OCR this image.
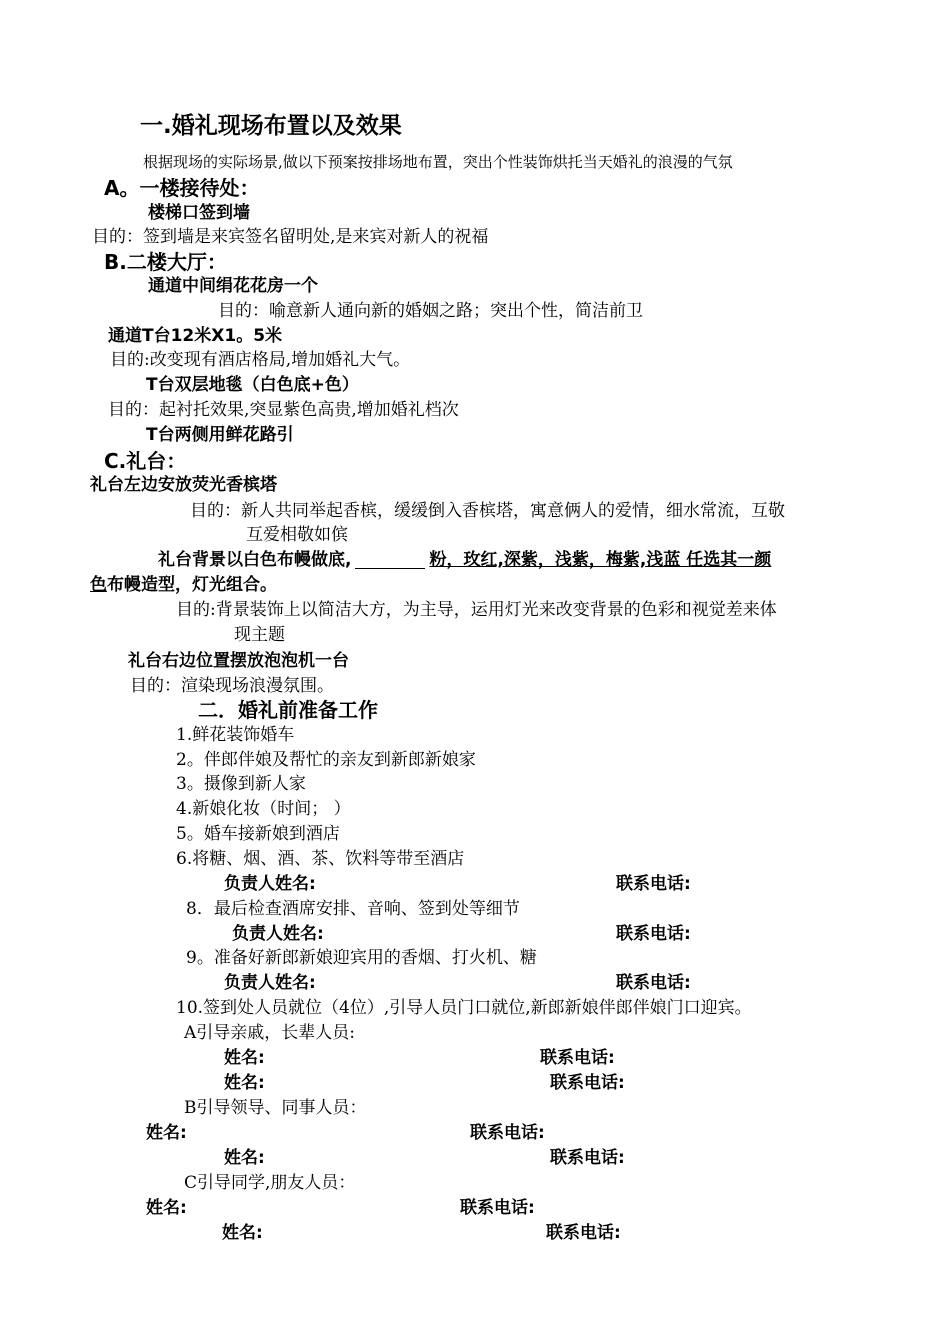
一.婚礼现场布置以及效果
根据现场的实际场景,做以下预案按排场地布置，突出个性装饰烘托当天婚礼的浪漫的气氛
A。一楼接待处：
楼梯口签到墙
目的：签到墙是来宾签名留明处,是来宾对新人的祝福
B.二楼大厅：
通道中间绢花花房一个
目的：喻意新人通向新的婚姻之路；突出个性，简洁前卫
通道T台12米X1。5米
目的:改变现有酒店格局,增加婚礼大气。
T台双层地毯（白色底+色）
目的：起衬托效果,突显紫色高贵,增加婚礼档次
T台两侧用鲜花路引
C.礼台：
礼台左边安放荧光香槟塔
目的：新人共同举起香槟，缓缓倒入香槟塔，寓意俩人的爱情，细水常流，互敬
互爱相敬如傧
礼台背景以白色布幔做底,	粉，玫红,深紫，浅紫，梅紫,浅蓝 任选其一颜
色布幔造型，灯光组合。
目的:背景装饰上以简洁大方，为主导，运用灯光来改变背景的色彩和视觉差来体
现主题
礼台右边位置摆放泡泡机一台
目的：渲染现场浪漫氛围。
二．婚礼前准备工作
1.鲜花装饰婚车
2。伴郎伴娘及帮忙的亲友到新郎新娘家
3。摄像到新人家
4.新娘化妆（时间； ）
5。婚车接新娘到酒店
6.将糖、烟、酒、茶、饮料等带至酒店
负责人姓名:	联系电话:
8．最后检查酒席安排、音响、签到处等细节
负责人姓名:	联系电话:
9。准备好新郎新娘迎宾用的香烟、打火机、糖
负责人姓名:	联系电话:
10.签到处人员就位（4位）,引导人员门口就位,新郎新娘伴郎伴娘门口迎宾。
A引导亲戚，长辈人员:
姓名:	联系电话:
姓名:	联系电话:
B引导领导、同事人员：
姓名:	联系电话:
姓名:	联系电话:
C引导同学,朋友人员：
姓名:	联系电话:
姓名:	联系电话:
